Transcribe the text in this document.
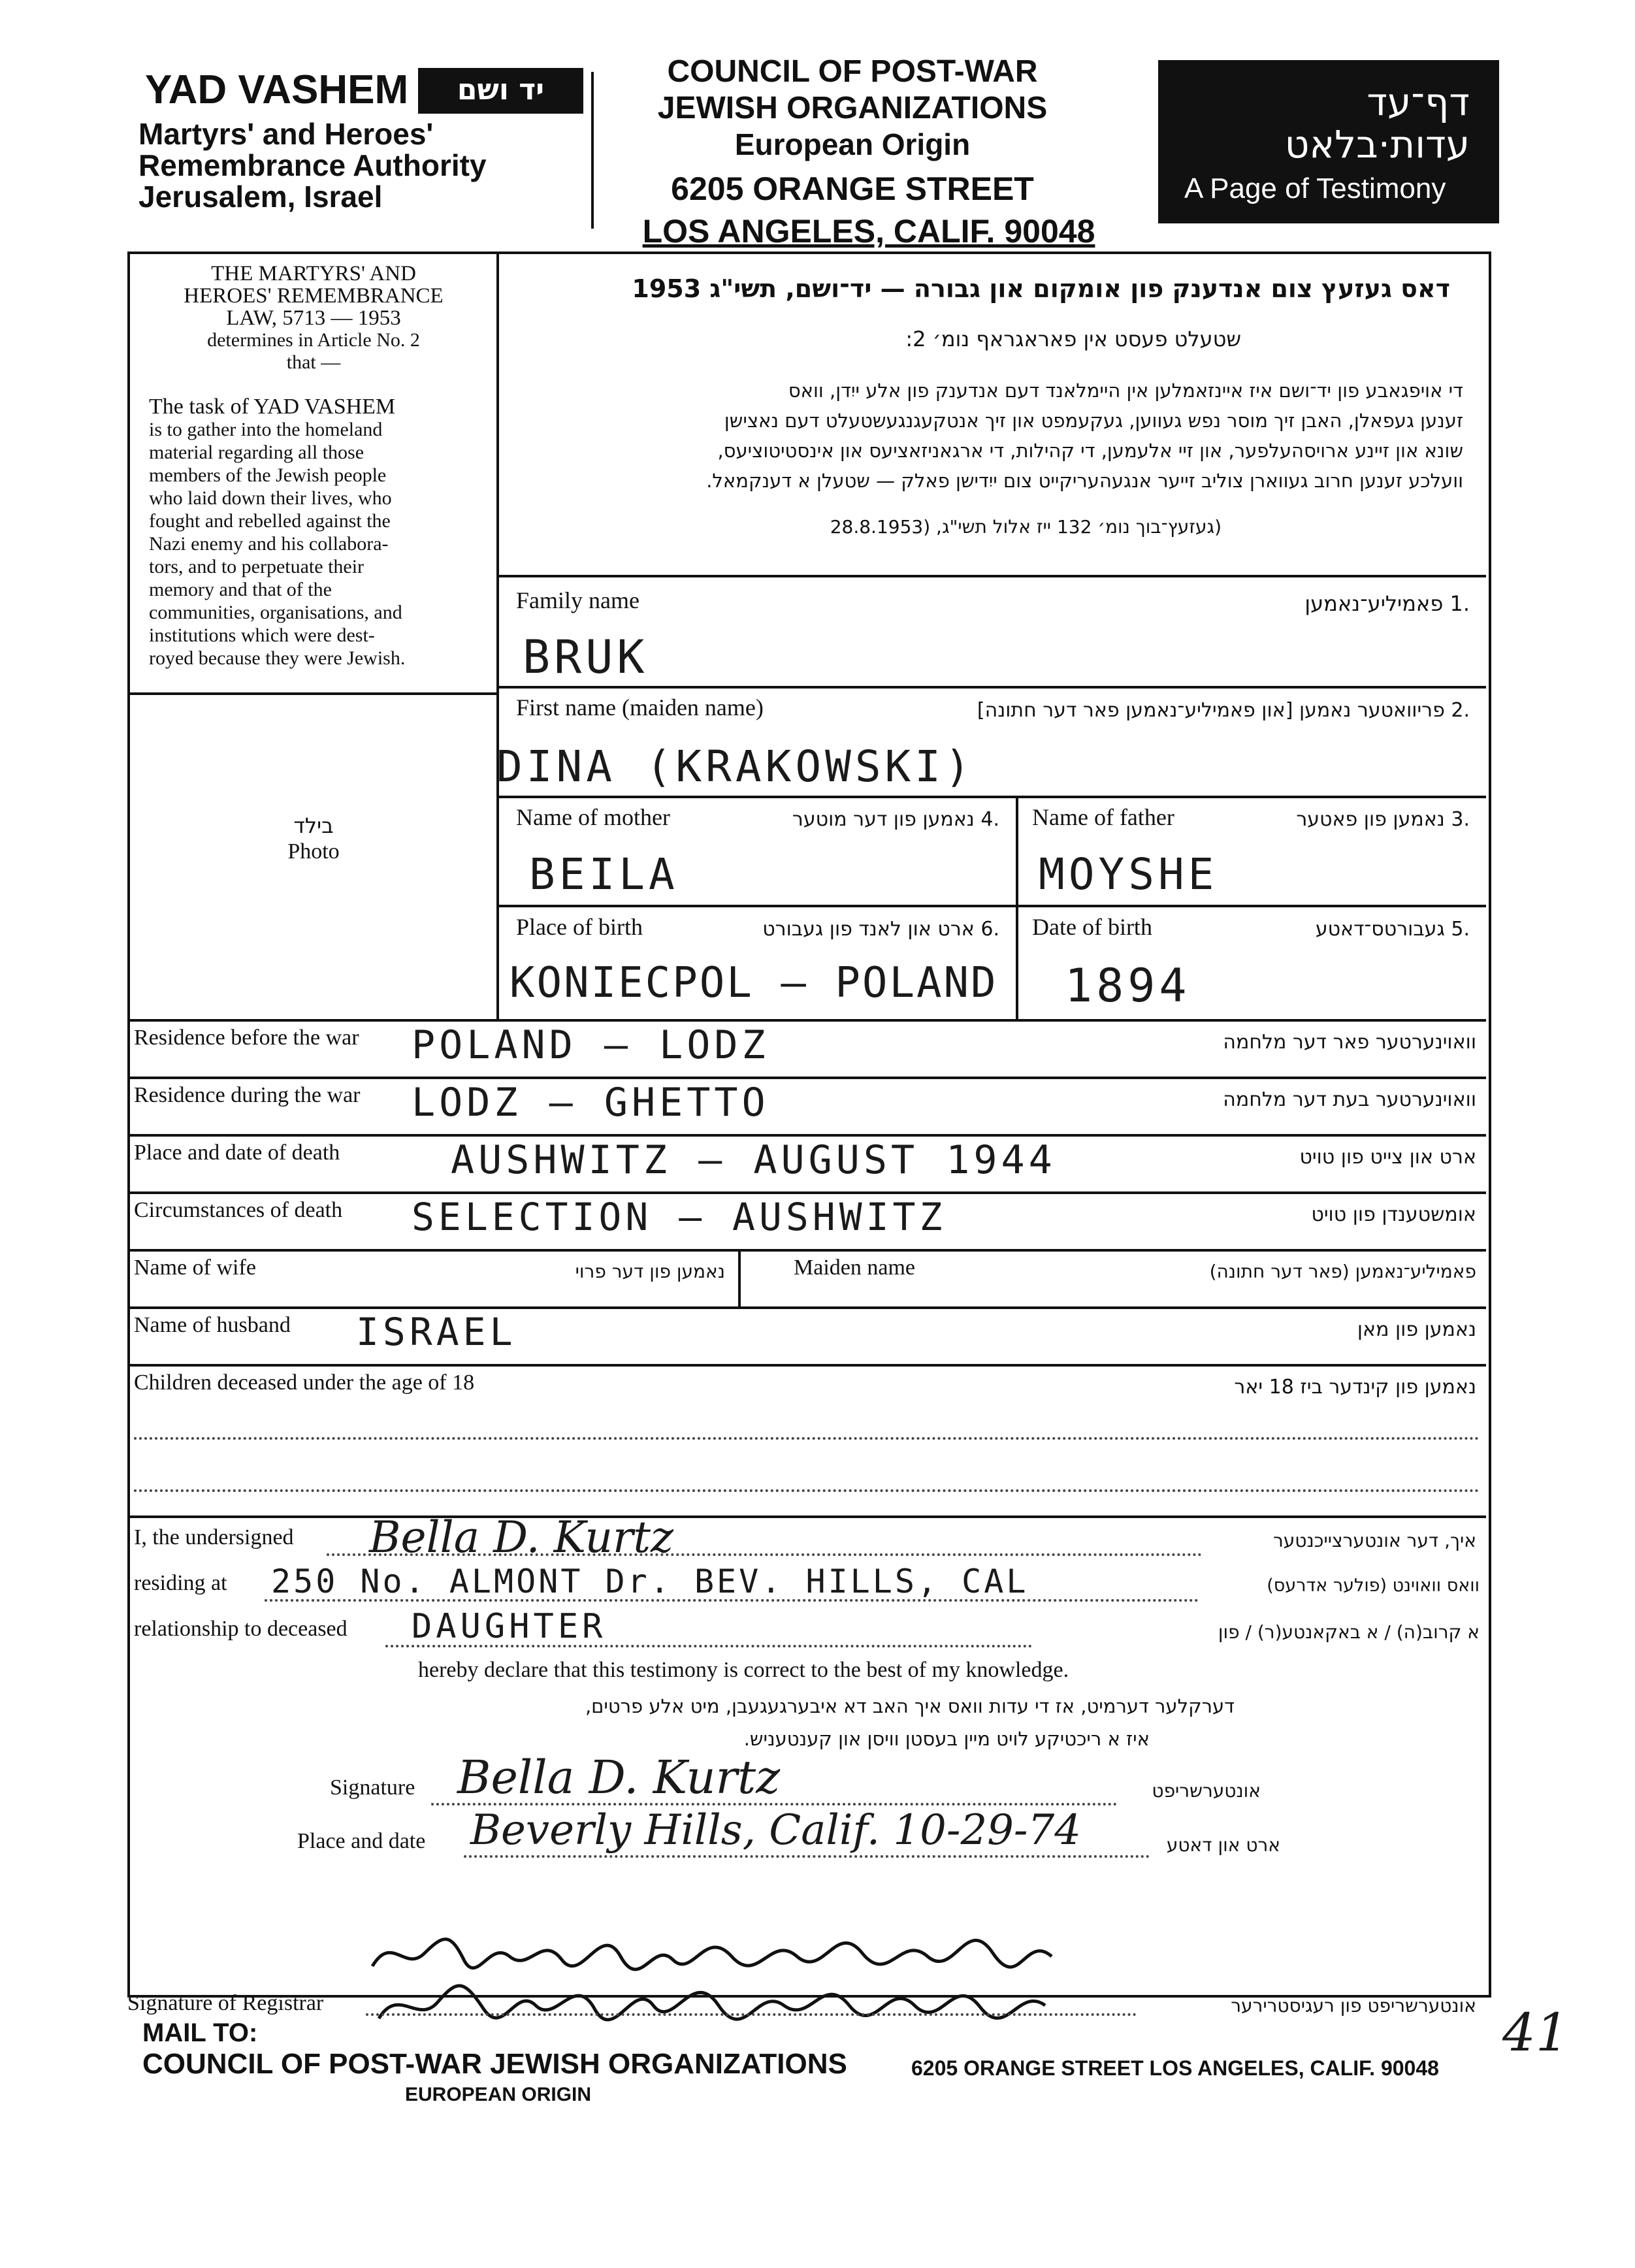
YAD VASHEM	יד ושם
Martyrs' and Heroes'
Remembrance Authority
Jerusalem, Israel
COUNCIL OF POST-WAR
JEWISH ORGANIZATIONS
European Origin
6205 ORANGE STREET
LOS ANGELES, CALIF. 90048
דף־עד
עדות·בלאט
A Page of Testimony
THE MARTYRS' AND
HEROES' REMEMBRANCE
LAW, 5713 — 1953
determines in Article No. 2
that —
The task of YAD VASHEM
is to gather into the homeland
material regarding all those
members of the Jewish people
who laid down their lives, who
fought and rebelled against the
Nazi enemy and his collabora-
tors, and to perpetuate their
memory and that of the
communities, organisations, and
institutions which were dest-
royed because they were Jewish.
בילד
Photo
דאס געזעץ צום אנדענק פון אומקום און גבורה — יד־ושם, תשי"ג 1953
שטעלט פעסט אין פאראגראף נומ׳ 2:
די אויפגאבע פון יד־ושם איז איינזאמלען אין היימלאנד דעם אנדענק פון אלע ייִדן, וואס
זענען געפאלן, האבן זיך מוסר נפש געווען, געקעמפט און זיך אנטקעגנגעשטעלט דעם נאצישן
שונא און זיינע ארויסהעלפער, און זיי אלעמען, די קהילות, די ארגאניזאציעס און אינסטיטוציעס,
וועלכע זענען חרוב געווארן צוליב זייער אנגעהעריקייט צום ייִדישן פאלק — שטעלן א דענקמאל.
(געזעץ־בוך נומ׳ 132 ייז אלול תשי"ג, (28.8.1953
Family name	.1 פאמיליע־נאמען
BRUK
First name (maiden name)	.2 פריוואטער נאמען [און פאמיליע־נאמען פאר דער חתונה]
DINA (KRAKOWSKI)
Name of mother	.4 נאמען פון דער מוטער
BEILA
Name of father	.3 נאמען פון פאטער
MOYSHE
Place of birth	.6 ארט און לאנד פון געבורט
KONIECPOL — POLAND
Date of birth	.5 געבורטס־דאטע
1894
Residence before the war POLAND — LODZ	וואוינערטער פאר דער מלחמה
Residence during the war LODZ — GHETTO	וואוינערטער בעת דער מלחמה
Place and date of death	AUSHWITZ — AUGUST 1944	ארט און צייט פון טויט
Circumstances of death SELECTION — AUSHWITZ	אומשטענדן פון טויט
Name of wife	נאמען פון דער פרוי	Maiden name	פאמיליע־נאמען (פאר דער חתונה)
Name of husband ISRAEL	נאמען פון מאן
Children deceased under the age of 18	נאמען פון קינדער ביז 18 יאר
I, the undersigned Bella D. Kurtz	איך, דער אונטערצייכנטער
residing at 250 No. ALMONT Dr. BEV. HILLS, CAL	וואס וואוינט (פולער אדרעס)
relationship to deceased DAUGHTER	א קרוב(ה) / א באקאנטע(ר) / פון
hereby declare that this testimony is correct to the best of my knowledge.
דערקלער דערמיט, אז די עדות וואס איך האב דא איבערגעגעבן, מיט אלע פרטים,
איז א ריכטיקע לויט מיין בעסטן וויסן און קענטעניש.
Signature Bella D. Kurtz	אונטערשריפט
Place and date Beverly Hills, Calif. 10-29-74	ארט און דאטע
Signature of Registrar	אונטערשריפט פון רעגיסטרירער
MAIL TO:
COUNCIL OF POST-WAR JEWISH ORGANIZATIONS	6205 ORANGE STREET LOS ANGELES, CALIF. 90048
EUROPEAN ORIGIN
41
